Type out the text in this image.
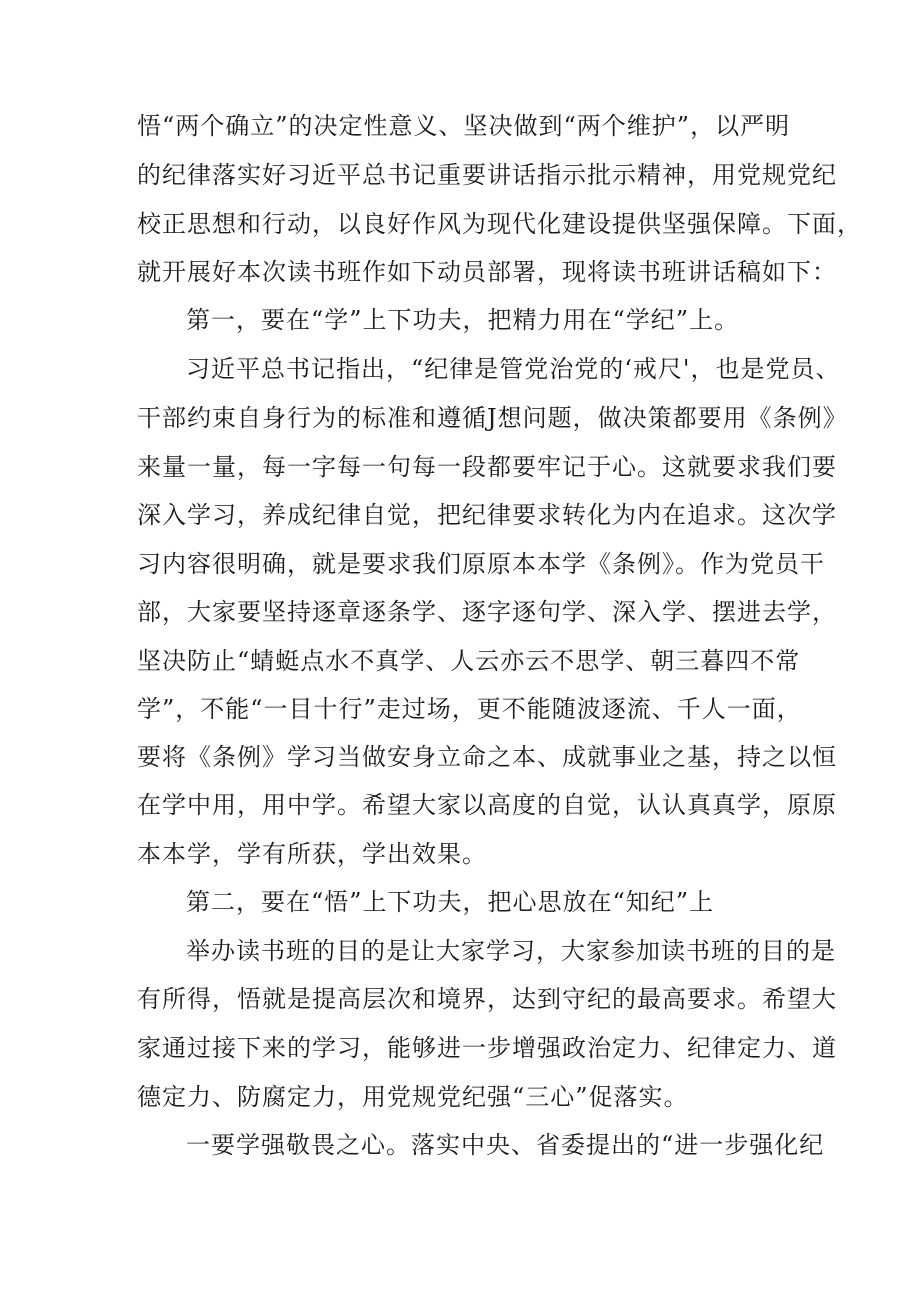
悟“两个确立”的决定性意义、坚决做到“两个维护”，以严明
的纪律落实好习近平总书记重要讲话指示批示精神，用党规党纪
校正思想和行动，以良好作风为现代化建设提供坚强保障。下面，
就开展好本次读书班作如下动员部署，现将读书班讲话稿如下：
第一，要在“学”上下功夫，把精力用在“学纪”上。
习近平总书记指出，“纪律是管党治党的‘戒尺'，也是党员、
干部约束自身行为的标准和遵循J想问题，做决策都要用《条例》
来量一量，每一字每一句每一段都要牢记于心。这就要求我们要
深入学习，养成纪律自觉，把纪律要求转化为内在追求。这次学
习内容很明确，就是要求我们原原本本学《条例》。作为党员干
部，大家要坚持逐章逐条学、逐字逐句学、深入学、摆进去学，
坚决防止“蜻蜓点水不真学、人云亦云不思学、朝三暮四不常
学”，不能“一目十行”走过场，更不能随波逐流、千人一面，
要将《条例》学习当做安身立命之本、成就事业之基，持之以恒
在学中用，用中学。希望大家以高度的自觉，认认真真学，原原
本本学，学有所获，学出效果。
第二，要在“悟”上下功夫，把心思放在“知纪”上
举办读书班的目的是让大家学习，大家参加读书班的目的是
有所得，悟就是提高层次和境界，达到守纪的最高要求。希望大
家通过接下来的学习，能够进一步增强政治定力、纪律定力、道
德定力、防腐定力，用党规党纪强“三心”促落实。
一要学强敬畏之心。落实中央、省委提出的“进一步强化纪
